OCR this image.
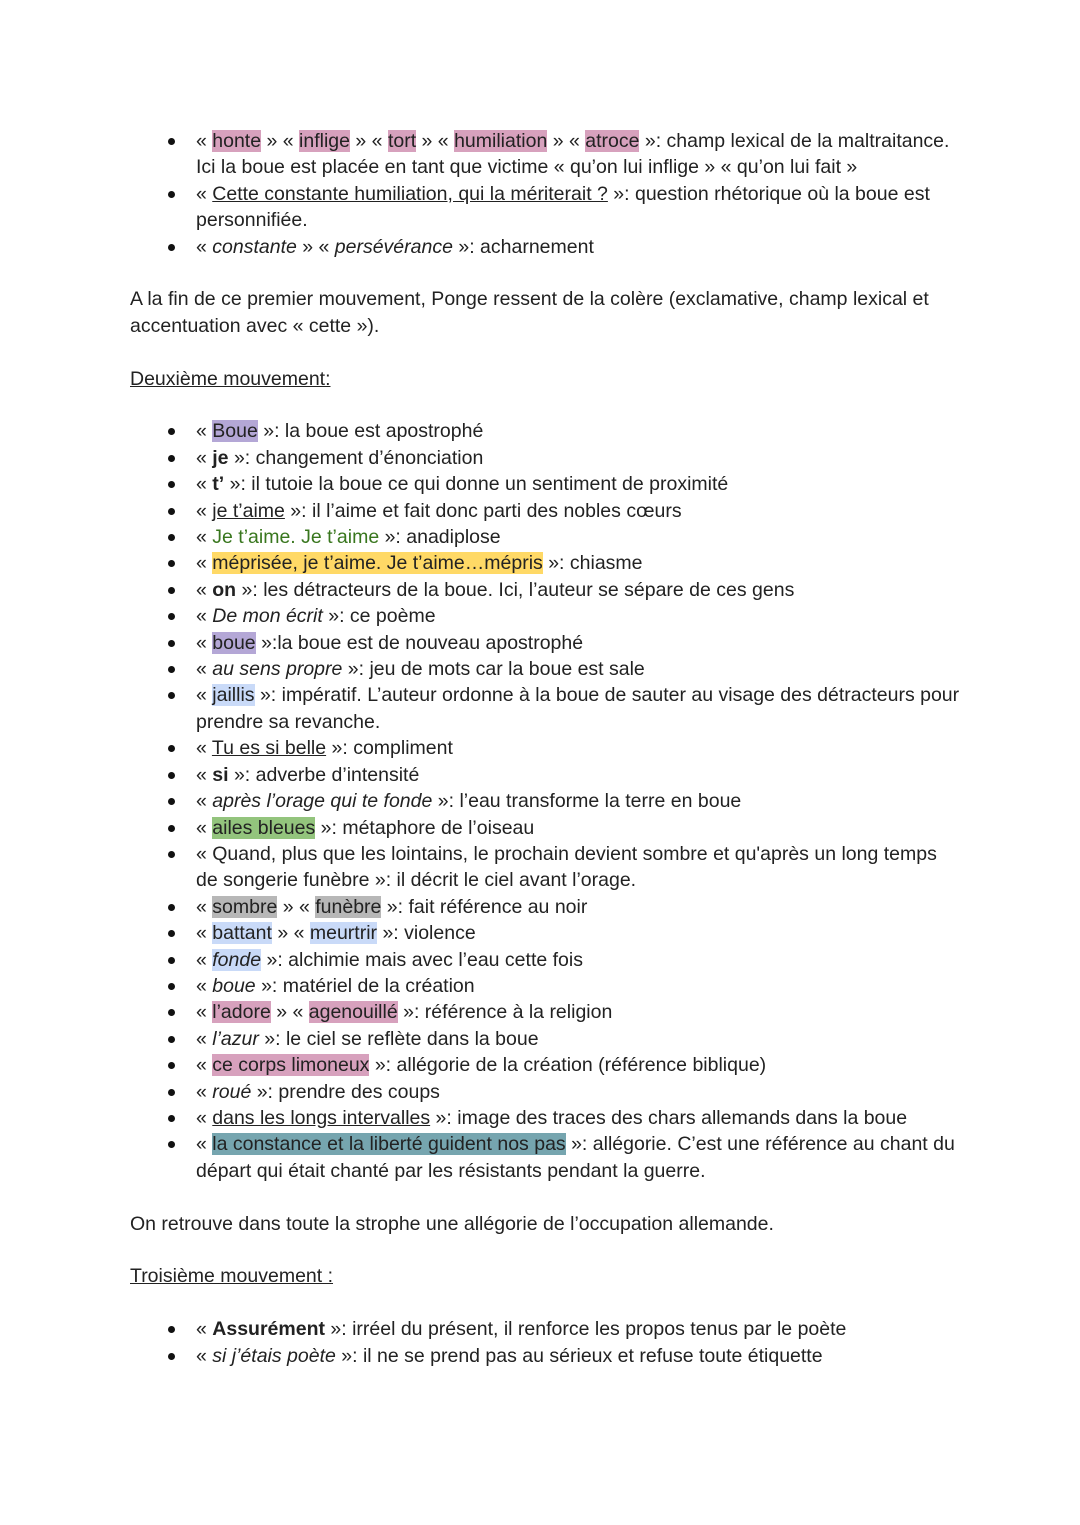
« honte » « inflige » « tort » « humiliation » « atroce »: champ lexical de la maltraitance. Ici la boue est placée en tant que victime « qu’on lui inflige » « qu’on lui fait »
« Cette constante humiliation, qui la mériterait ? »: question rhétorique où la boue est personnifiée.
« constante » « persévérance »: acharnement

A la fin de ce premier mouvement, Ponge ressent de la colère (exclamative, champ lexical et accentuation avec « cette »).

Deuxième mouvement:

« Boue »: la boue est apostrophé
« je »: changement d’énonciation
« t’ »: il tutoie la boue ce qui donne un sentiment de proximité
« je t’aime »: il l’aime et fait donc parti des nobles cœurs
« Je t’aime. Je t’aime »: anadiplose
« méprisée, je t’aime. Je t’aime…mépris »: chiasme
« on »: les détracteurs de la boue. Ici, l’auteur se sépare de ces gens
« De mon écrit »: ce poème
« boue »:la boue est de nouveau apostrophé
« au sens propre »: jeu de mots car la boue est sale
« jaillis »: impératif. L’auteur ordonne à la boue de sauter au visage des détracteurs pour prendre sa revanche.
« Tu es si belle »: compliment
« si »: adverbe d’intensité
« après l’orage qui te fonde »: l’eau transforme la terre en boue
« ailes bleues »: métaphore de l’oiseau
« Quand, plus que les lointains, le prochain devient sombre et qu'après un long temps de songerie funèbre »: il décrit le ciel avant l’orage.
« sombre » « funèbre »: fait référence au noir
« battant » « meurtrir »: violence
« fonde »: alchimie mais avec l’eau cette fois
« boue »: matériel de la création
« l’adore » « agenouillé »: référence à la religion
« l’azur »: le ciel se reflète dans la boue
« ce corps limoneux »: allégorie de la création (référence biblique)
« roué »: prendre des coups
« dans les longs intervalles »: image des traces des chars allemands dans la boue
« la constance et la liberté guident nos pas »: allégorie. C’est une référence au chant du départ qui était chanté par les résistants pendant la guerre.

On retrouve dans toute la strophe une allégorie de l’occupation allemande.

Troisième mouvement :

« Assurément »: irréel du présent, il renforce les propos tenus par le poète
« si j’étais poète »: il ne se prend pas au sérieux et refuse toute étiquette
